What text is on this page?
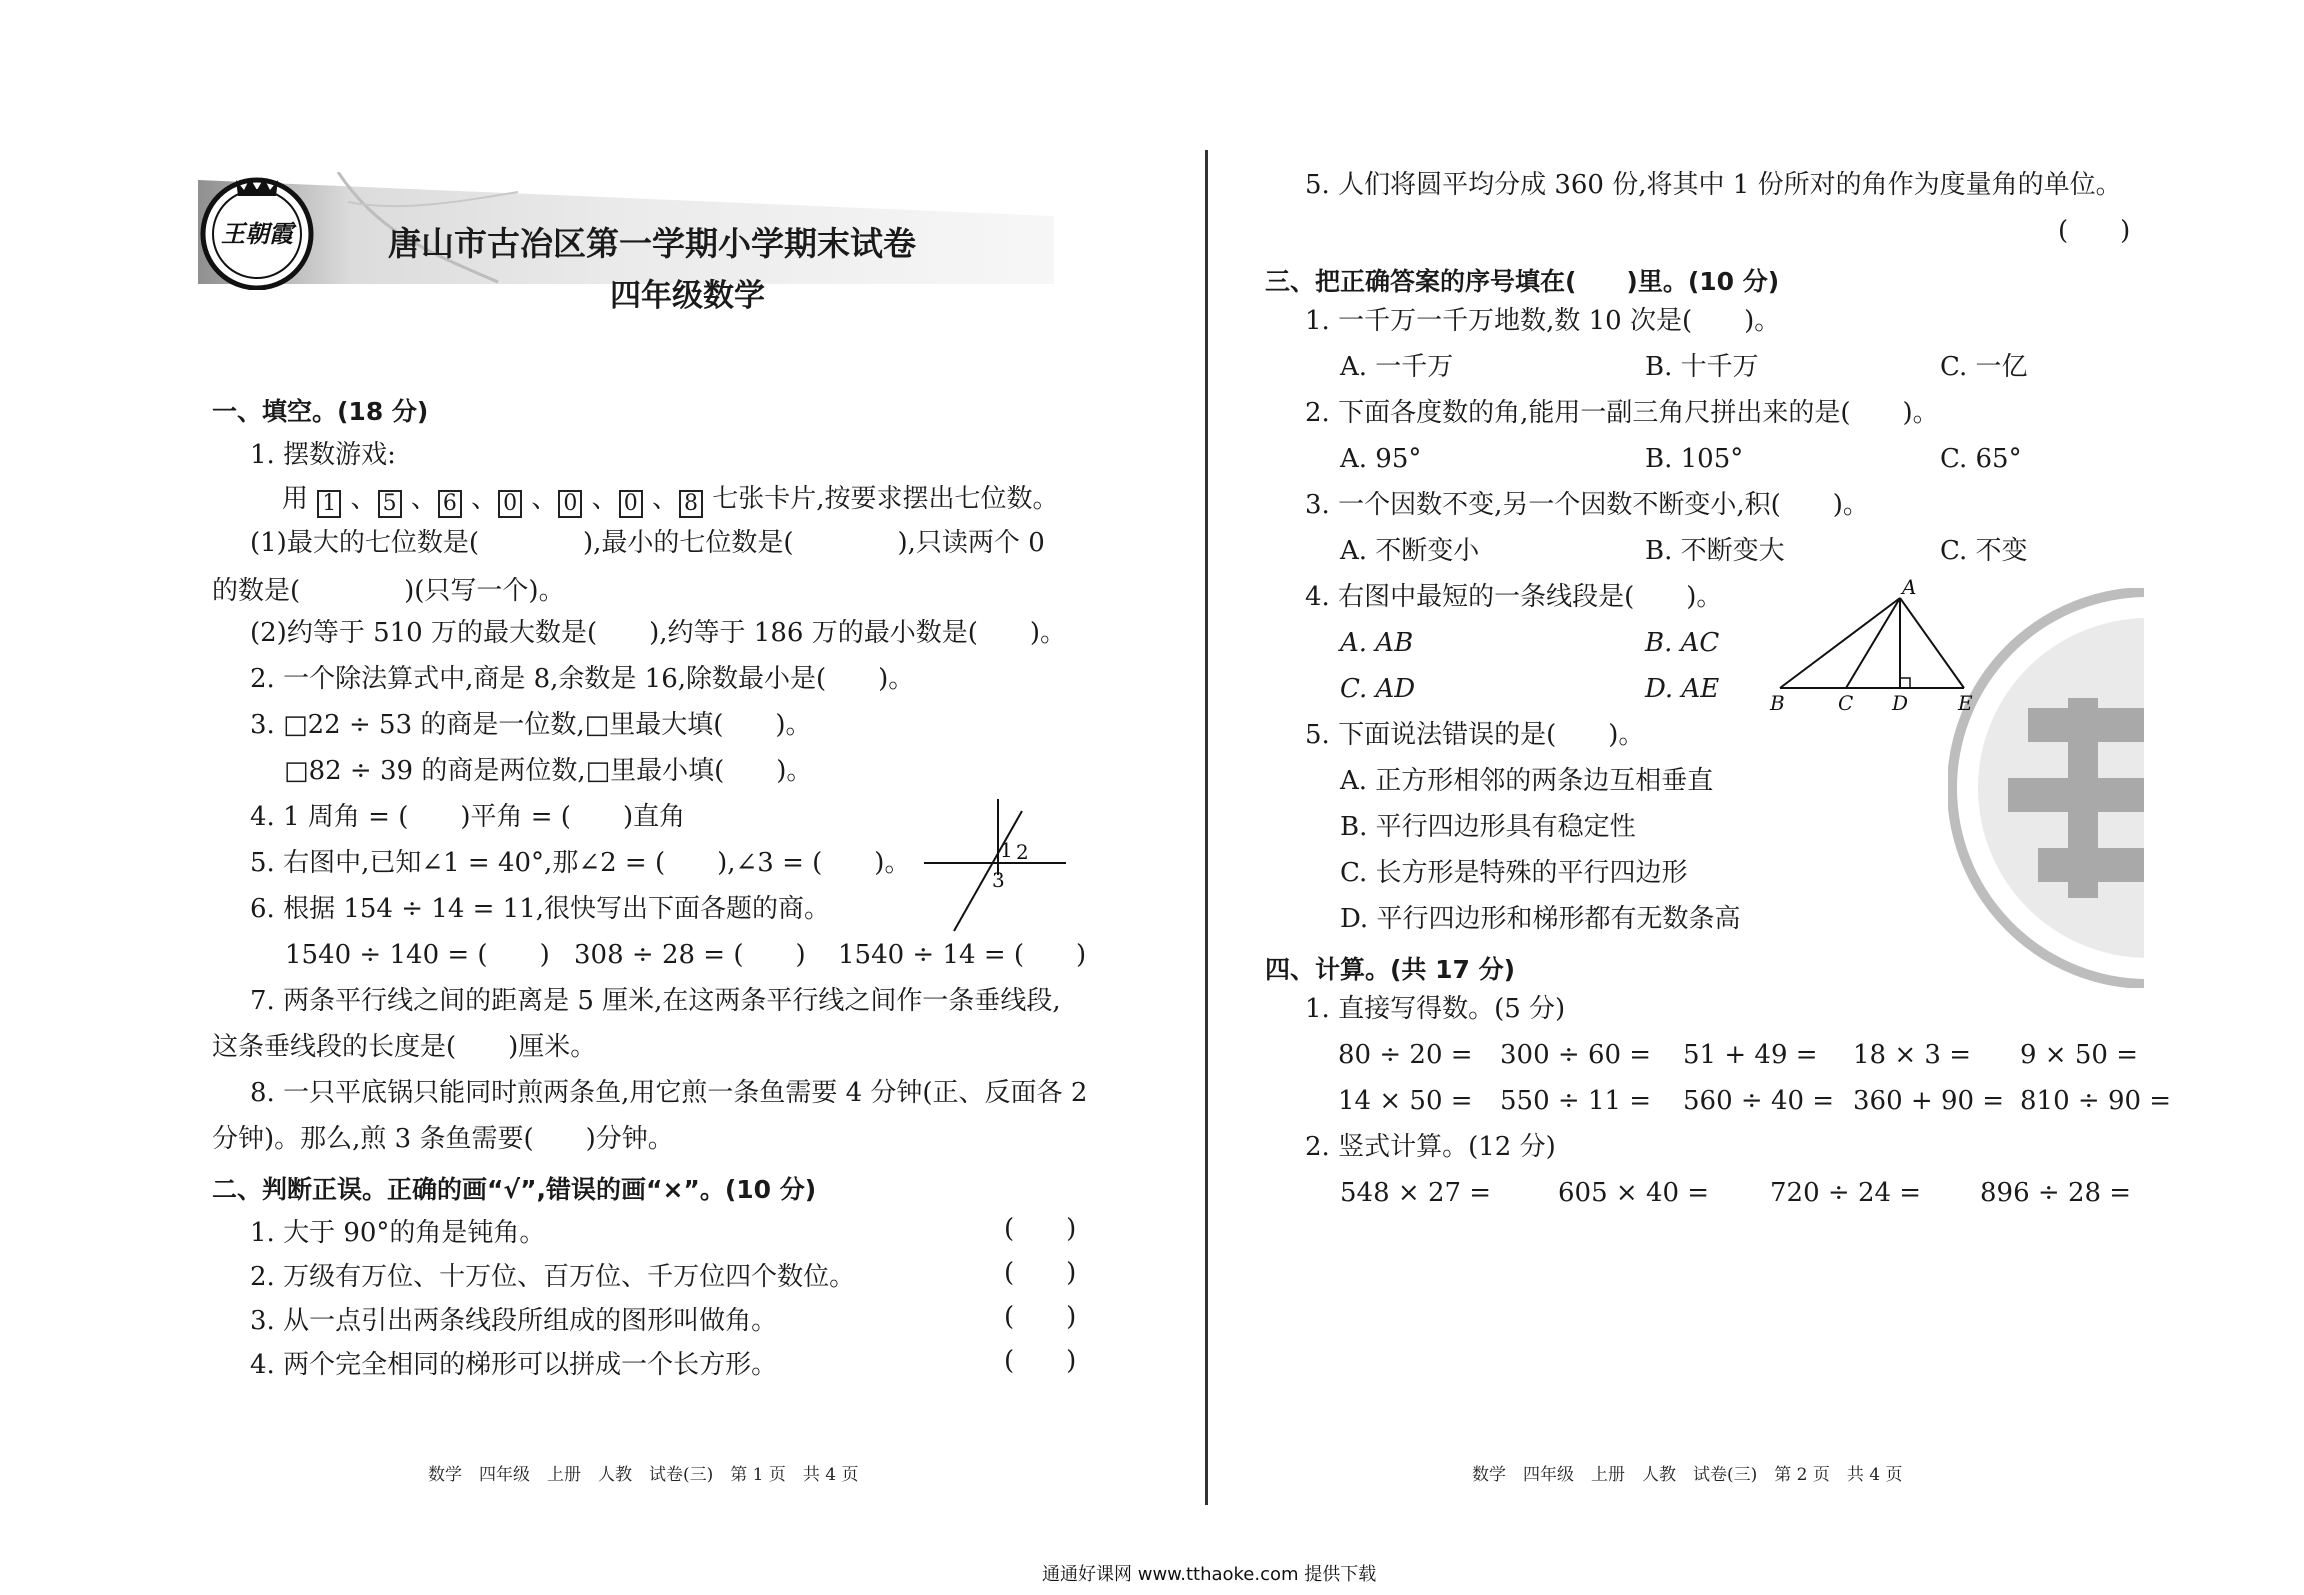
王朝霞	唐山市古冶区第一学期小学期末试卷
四年级数学
一、填空。(18 分)
1. 摆数游戏:
用 1 、 5 、 6 、 0 、 0 、 0 、 8 七张卡片,按要求摆出七位数。
(1)最大的七位数是(　　　　),最小的七位数是(　　　　),只读两个 0
的数是(　　　　)(只写一个)。
(2)约等于 510 万的最大数是(　　),约等于 186 万的最小数是(　　)。
2. 一个除法算式中,商是 8,余数是 16,除数最小是(　　)。
3. □22 ÷ 53 的商是一位数,□里最大填(　　)。
□82 ÷ 39 的商是两位数,□里最小填(　　)。
4. 1 周角 = (　　)平角 = (　　)直角
5. 右图中,已知∠1 = 40°,那∠2 = (　　),∠3 = (　　)。	1 2
3
6. 根据 154 ÷ 14 = 11,很快写出下面各题的商。
1540 ÷ 140 = (　　) 308 ÷ 28 = (　　) 1540 ÷ 14 = (　　)
7. 两条平行线之间的距离是 5 厘米,在这两条平行线之间作一条垂线段,
这条垂线段的长度是(　　)厘米。
8. 一只平底锅只能同时煎两条鱼,用它煎一条鱼需要 4 分钟(正、反面各 2
分钟)。那么,煎 3 条鱼需要(　　)分钟。
二、判断正误。正确的画“√”,错误的画“×”。(10 分)
1. 大于 90°的角是钝角。	(　　)
2. 万级有万位、十万位、百万位、千万位四个数位。	(　　)
3. 从一点引出两条线段所组成的图形叫做角。	(　　)
4. 两个完全相同的梯形可以拼成一个长方形。	(　　)
数学　四年级　上册　人教　试卷(三)　第 1 页　共 4 页
5. 人们将圆平均分成 360 份,将其中 1 份所对的角作为度量角的单位。
(　　)
三、把正确答案的序号填在(　　)里。(10 分)
1. 一千万一千万地数,数 10 次是(　　)。
A. 一千万	B. 十千万	C. 一亿
2. 下面各度数的角,能用一副三角尺拼出来的是(　　)。
A. 95°	B. 105°	C. 65°
3. 一个因数不变,另一个因数不断变小,积(　　)。
A. 不断变小	B. 不断变大	C. 不变
4. 右图中最短的一条线段是(　　)。
A. AB	B. AC
C. AD	D. AE
A
B	C D E
5. 下面说法错误的是(　　)。
A. 正方形相邻的两条边互相垂直
B. 平行四边形具有稳定性
C. 长方形是特殊的平行四边形
D. 平行四边形和梯形都有无数条高
四、计算。(共 17 分)
1. 直接写得数。(5 分)
80 ÷ 20 = 300 ÷ 60 = 51 + 49 = 18 × 3 = 9 × 50 =
14 × 50 = 550 ÷ 11 = 560 ÷ 40 = 360 + 90 = 810 ÷ 90 =
2. 竖式计算。(12 分)
548 × 27 =	605 × 40 = 720 ÷ 24 = 896 ÷ 28 =
数学　四年级　上册　人教　试卷(三)　第 2 页　共 4 页
通通好课网 www.tthaoke.com 提供下载
